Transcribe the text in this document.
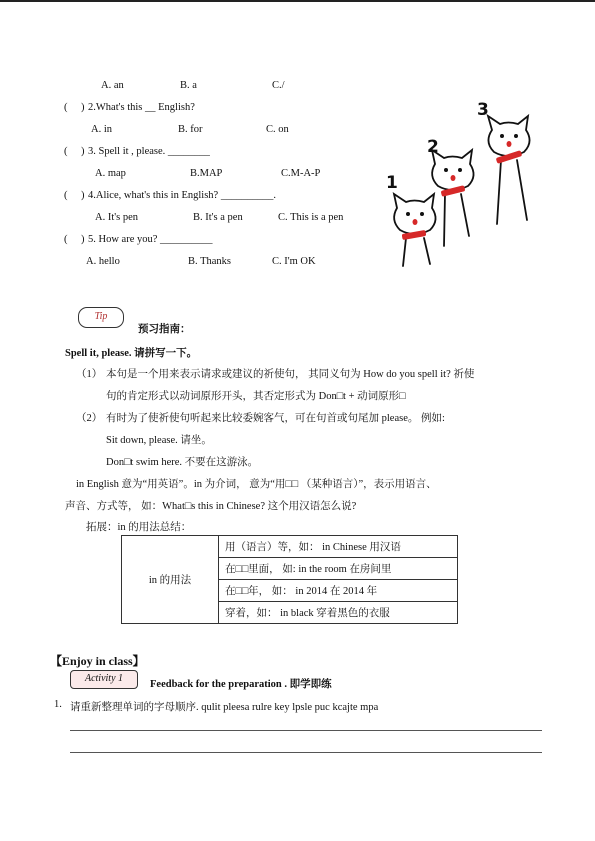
A. an	B. a	C./
( ) 2.What's this __ English?
A. in	B. for	C. on
( ) 3. Spell it , please. ________
A. map	B.MAP	C.M-A-P
( ) 4.Alice, what's this in English? __________.
A. It's pen	B. It's a pen	C. This is a pen
( ) 5. How are you? __________
A. hello	B. Thanks	C. I'm OK
3
2
1
Tip
预习指南：
Spell it, please. 请拼写一下。
（1） 本句是一个用来表示请求或建议的祈使句， 其同义句为 How do you spell it? 祈使
句的肯定形式以动词原形开头，其否定形式为 Don□t + 动词原形□
（2） 有时为了使祈使句听起来比较委婉客气，可在句首或句尾加 please。 例如:
Sit down, please. 请坐。
Don□t swim here. 不要在这游泳。
in English 意为“用英语”。in 为介词， 意为“用□□ （某种语言）”，表示用语言、
声音、方式等， 如：What□s this in Chinese? 这个用汉语怎么说?
拓展：in 的用法总结：
in 的用法	用（语言）等，如： in Chinese 用汉语
在□□里面， 如: in the room 在房间里
在□□年， 如： in 2014 在 2014 年
穿着，如： in black 穿着黑色的衣服
【Enjoy in class】
Activity 1
Feedback for the preparation . 即学即练
1. 请重新整理单词的字母顺序. qulit pleesa rulre key lpsle puc kcajte mpa
